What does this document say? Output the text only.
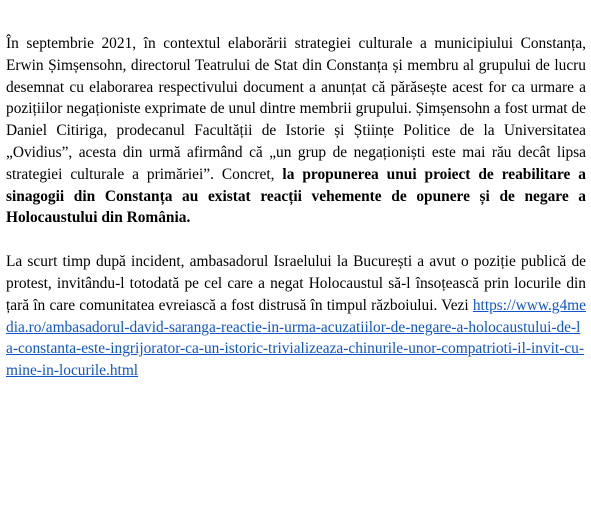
În septembrie 2021, în contextul elaborării strategiei culturale a municipiului Constanța, Erwin Șimșensohn, directorul Teatrului de Stat din Constanța și membru al grupului de lucru desemnat cu elaborarea respectivului document a anunțat că părăsește acest for ca urmare a pozițiilor negaționiste exprimate de unul dintre membrii grupului. Șimșensohn a fost urmat de Daniel Citiriga, prodecanul Facultății de Istorie și Științe Politice de la Universitatea „Ovidius”, acesta din urmă afirmând că „un grup de negaționiști este mai rău decât lipsa strategiei culturale a primăriei”. Concret, la propunerea unui proiect de reabilitare a sinagogii din Constanța au existat reacții vehemente de opunere și de negare a Holocaustului din România.

La scurt timp după incident, ambasadorul Israelului la București a avut o poziție publică de protest, invitându-l totodată pe cel care a negat Holocaustul să-l însoțească prin locurile din țară în care comunitatea evreiască a fost distrusă în timpul războiului. Vezi https://www.g4media.ro/ambasadorul-david-saranga-reactie-in-urma-acuzatiilor-de-negare-a-holocaustului-de-la-constanta-este-ingrijorator-ca-un-istoric-trivializeaza-chinurile-unor-compatrioti-il-invit-cu-mine-in-locurile.html
